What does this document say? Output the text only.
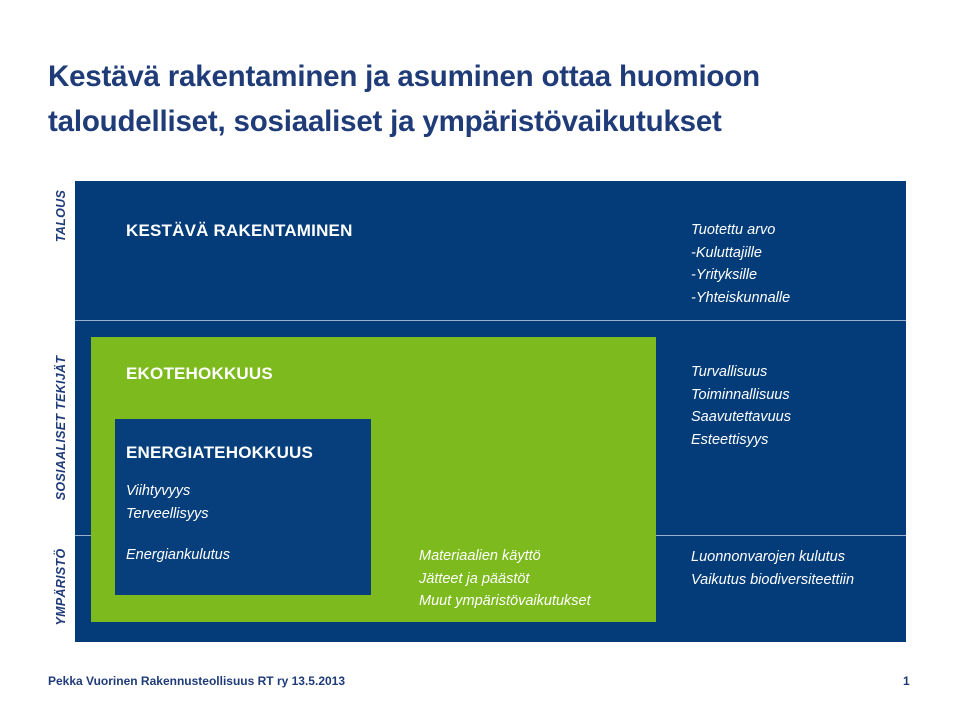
Kestävä rakentaminen ja asuminen ottaa huomioon
taloudelliset, sosiaaliset ja ympäristövaikutukset
TALOUS
SOSIAALISET TEKIJÄT
YMPÄRISTÖ
KESTÄVÄ RAKENTAMINEN	Tuotettu arvo
-Kuluttajille
-Yrityksille
-Yhteiskunnalle
Turvallisuus
Toiminnallisuus
Saavutettavuus
Esteettisyys
Luonnonvarojen kulutus
Vaikutus biodiversiteettiin
EKOTEHOKKUUS
Materiaalien käyttö
Jätteet ja päästöt
Muut ympäristövaikutukset
ENERGIATEHOKKUUS
Viihtyvyys
Terveellisyys
Energiankulutus
Pekka Vuorinen Rakennusteollisuus RT ry 13.5.2013	1
